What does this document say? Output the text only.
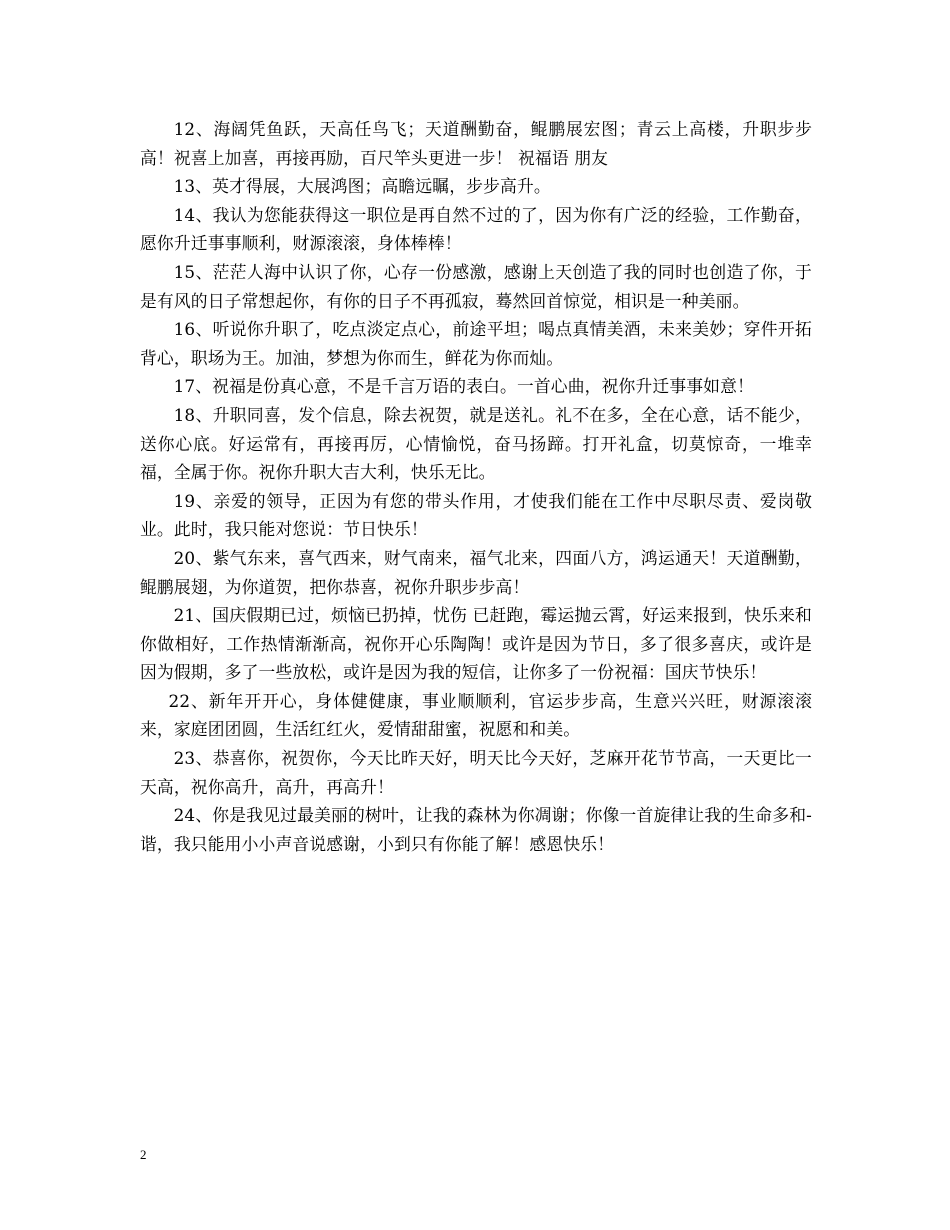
12、海阔凭鱼跃，天高任鸟飞；天道酬勤奋，鲲鹏展宏图；青云上高楼，升职步步高！祝喜上加喜，再接再励，百尺竿头更进一步！ 祝福语 朋友

13、英才得展，大展鸿图；高瞻远瞩，步步高升。

14、我认为您能获得这一职位是再自然不过的了，因为你有广泛的经验，工作勤奋，愿你升迁事事顺利，财源滚滚，身体棒棒！

15、茫茫人海中认识了你，心存一份感激，感谢上天创造了我的同时也创造了你，于是有风的日子常想起你，有你的日子不再孤寂，蓦然回首惊觉，相识是一种美丽。

16、听说你升职了，吃点淡定点心，前途平坦；喝点真情美酒，未来美妙；穿件开拓背心，职场为王。加油，梦想为你而生，鲜花为你而灿。

17、祝福是份真心意，不是千言万语的表白。一首心曲，祝你升迁事事如意！

18、升职同喜，发个信息，除去祝贺，就是送礼。礼不在多，全在心意，话不能少，送你心底。好运常有，再接再厉，心情愉悦，奋马扬蹄。打开礼盒，切莫惊奇，一堆幸福，全属于你。祝你升职大吉大利，快乐无比。

19、亲爱的领导，正因为有您的带头作用，才使我们能在工作中尽职尽责、爱岗敬业。此时，我只能对您说：节日快乐！

20、紫气东来，喜气西来，财气南来，福气北来，四面八方，鸿运通天！天道酬勤，鲲鹏展翅，为你道贺，把你恭喜，祝你升职步步高！

21、国庆假期已过，烦恼已扔掉，忧伤 已赶跑，霉运抛云霄，好运来报到，快乐来和你做相好，工作热情渐渐高，祝你开心乐陶陶！或许是因为节日，多了很多喜庆，或许是因为假期，多了一些放松，或许是因为我的短信，让你多了一份祝福：国庆节快乐！

22、新年开开心，身体健健康，事业顺顺利，官运步步高，生意兴兴旺，财源滚滚来，家庭团团圆，生活红红火，爱情甜甜蜜，祝愿和和美。

23、恭喜你，祝贺你，今天比昨天好，明天比今天好，芝麻开花节节高，一天更比一天高，祝你高升，高升，再高升！

24、你是我见过最美丽的树叶，让我的森林为你凋谢；你像一首旋律让我的生命多和-谐，我只能用小小声音说感谢，小到只有你能了解！感恩快乐！

2
